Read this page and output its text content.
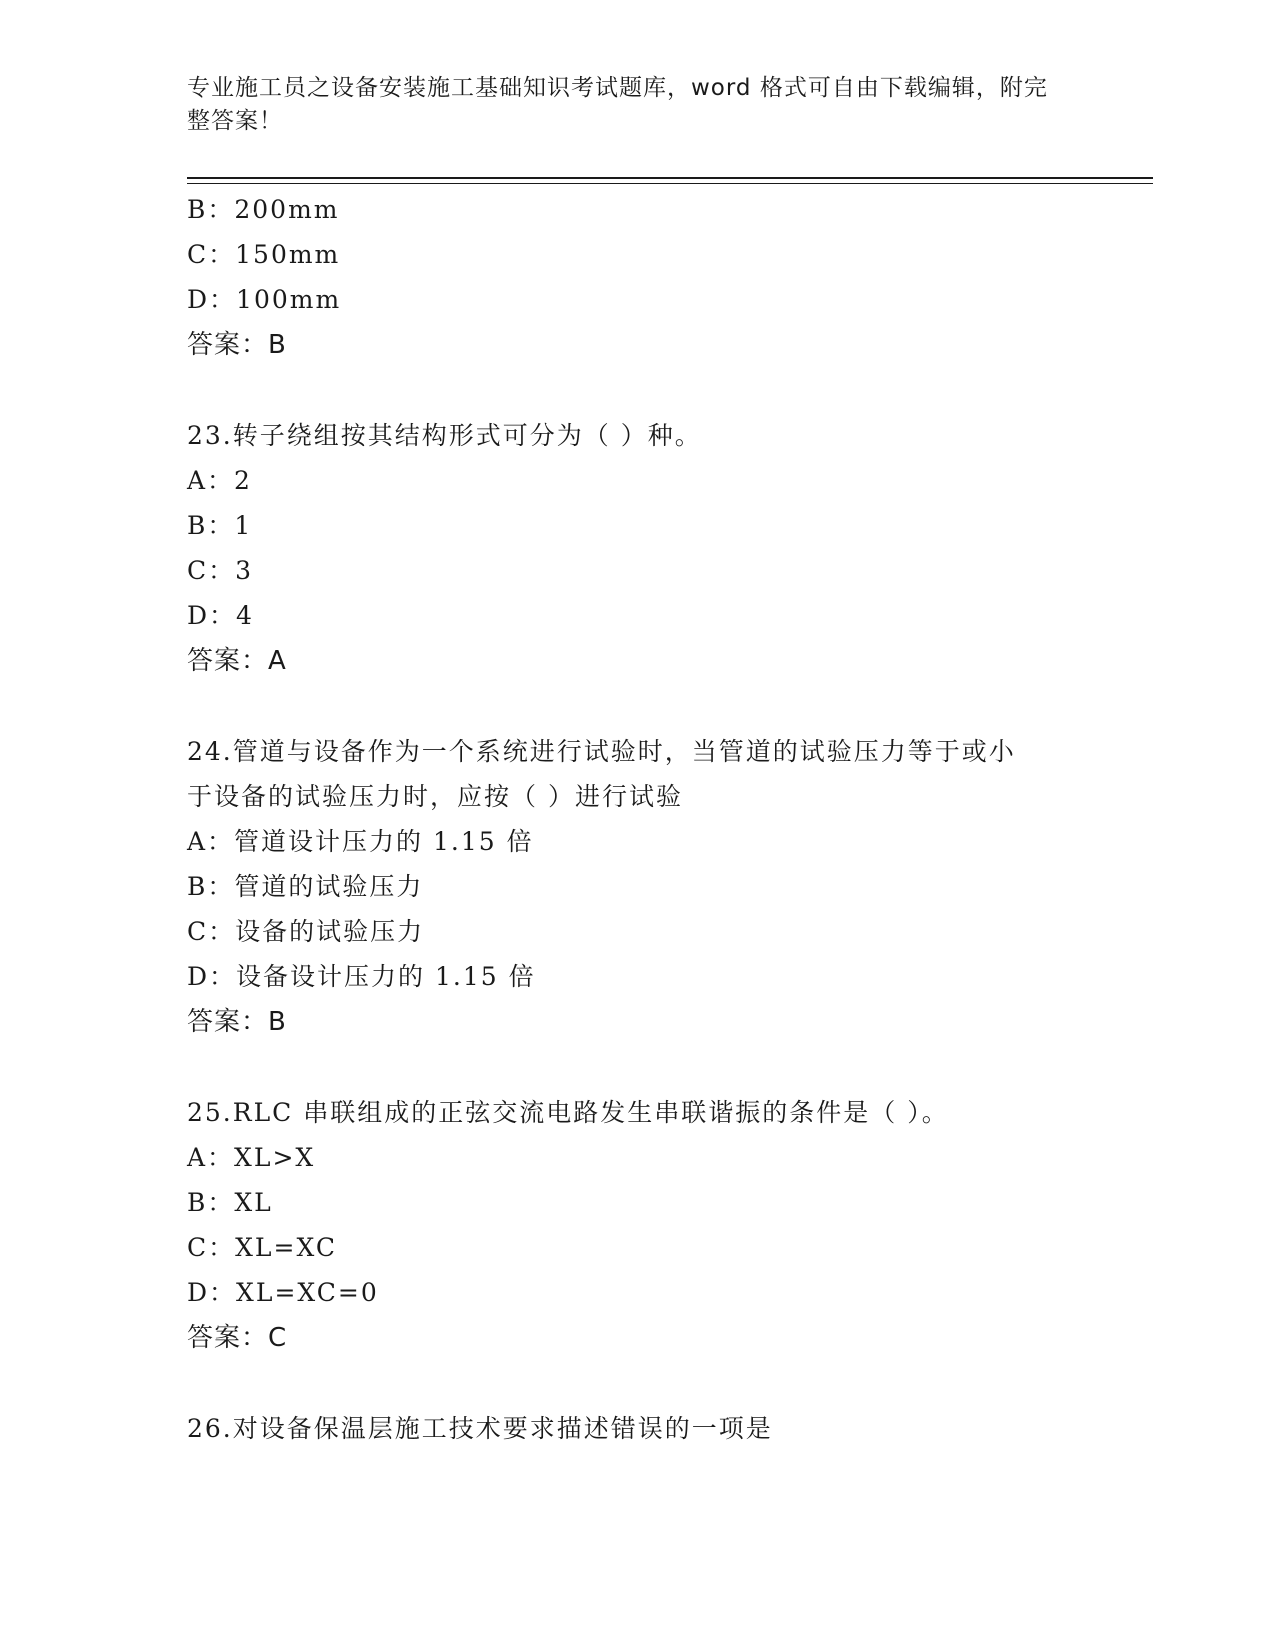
专业施工员之设备安装施工基础知识考试题库，word 格式可自由下载编辑，附完
整答案！
B：200mm
C：150mm
D：100mm
答案：B
23.转子绕组按其结构形式可分为（ ）种。
A：2
B：1
C：3
D：4
答案：A
24.管道与设备作为一个系统进行试验时，当管道的试验压力等于或小
于设备的试验压力时，应按（ ）进行试验
A：管道设计压力的 1.15 倍
B：管道的试验压力
C：设备的试验压力
D：设备设计压力的 1.15 倍
答案：B
25.RLC 串联组成的正弦交流电路发生串联谐振的条件是（ ）。
A：XL>X
B：XL
C：XL=XC
D：XL=XC=0
答案：C
26.对设备保温层施工技术要求描述错误的一项是
